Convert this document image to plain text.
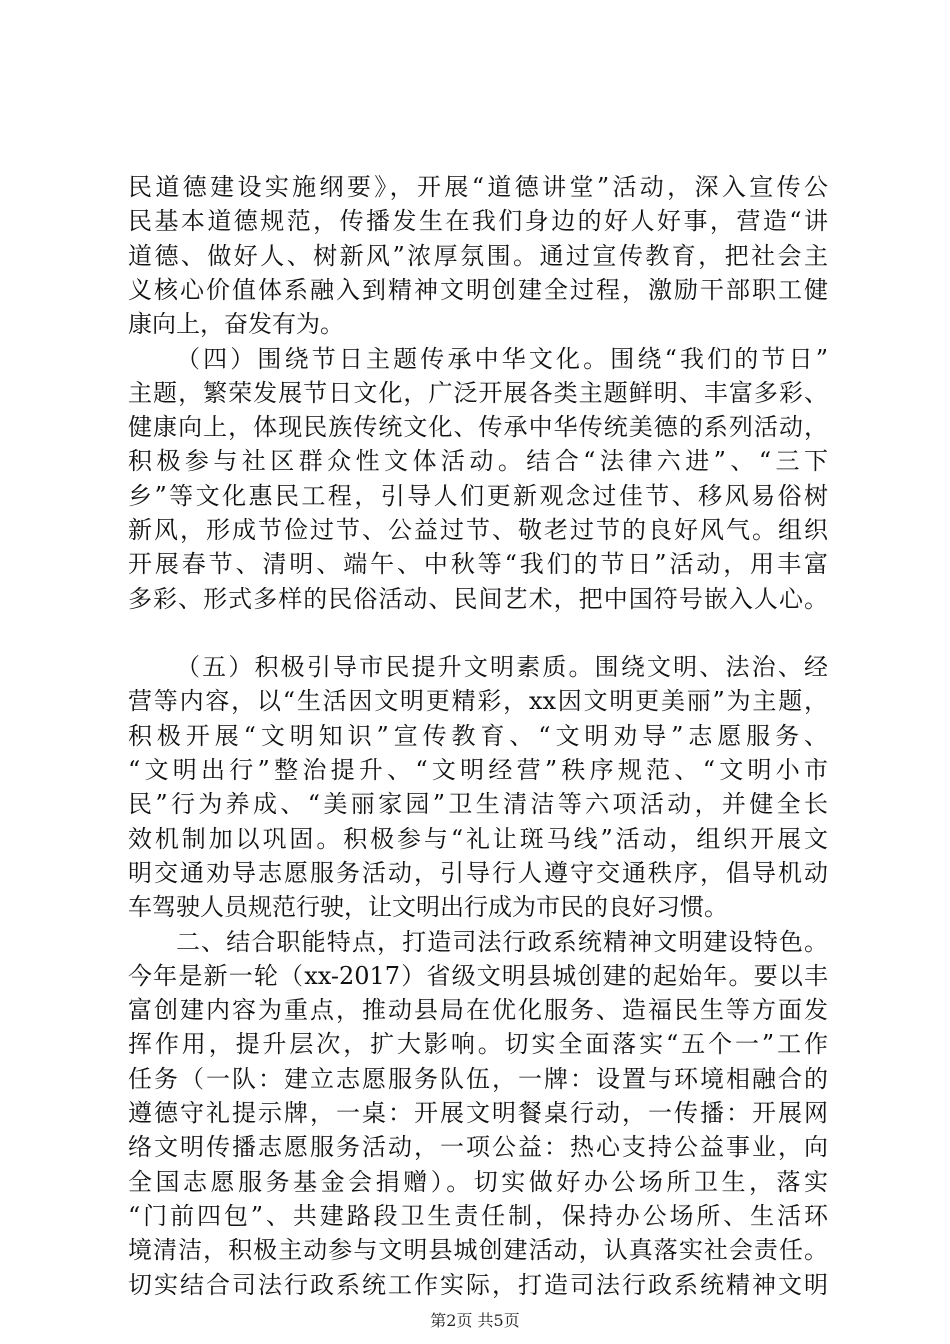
民道德建设实施纲要》，开展“道德讲堂”活动，深入宣传公
民基本道德规范，传播发生在我们身边的好人好事，营造“讲
道德、做好人、树新风”浓厚氛围。通过宣传教育，把社会主
义核心价值体系融入到精神文明创建全过程，激励干部职工健
康向上，奋发有为。
（四）围绕节日主题传承中华文化。围绕“我们的节日”
主题，繁荣发展节日文化，广泛开展各类主题鲜明、丰富多彩、
健康向上，体现民族传统文化、传承中华传统美德的系列活动，
积极参与社区群众性文体活动。结合“法律六进”、“三下
乡”等文化惠民工程，引导人们更新观念过佳节、移风易俗树
新风，形成节俭过节、公益过节、敬老过节的良好风气。组织
开展春节、清明、端午、中秋等“我们的节日”活动，用丰富
多彩、形式多样的民俗活动、民间艺术，把中国符号嵌入人心。
（五）积极引导市民提升文明素质。围绕文明、法治、经
营等内容，以“生活因文明更精彩，xx因文明更美丽”为主题，
积极开展“文明知识”宣传教育、“文明劝导”志愿服务、
“文明出行”整治提升、“文明经营”秩序规范、“文明小市
民”行为养成、“美丽家园”卫生清洁等六项活动，并健全长
效机制加以巩固。积极参与“礼让斑马线”活动，组织开展文
明交通劝导志愿服务活动，引导行人遵守交通秩序，倡导机动
车驾驶人员规范行驶，让文明出行成为市民的良好习惯。
二、结合职能特点，打造司法行政系统精神文明建设特色。
今年是新一轮（xx-2017）省级文明县城创建的起始年。要以丰
富创建内容为重点，推动县局在优化服务、造福民生等方面发
挥作用，提升层次，扩大影响。切实全面落实“五个一”工作
任务（一队：建立志愿服务队伍，一牌：设置与环境相融合的
遵德守礼提示牌，一桌：开展文明餐桌行动，一传播：开展网
络文明传播志愿服务活动，一项公益：热心支持公益事业，向
全国志愿服务基金会捐赠）。切实做好办公场所卫生，落实
“门前四包”、共建路段卫生责任制，保持办公场所、生活环
第2页 共5页
境清洁，积极主动参与文明县城创建活动，认真落实社会责任。
切实结合司法行政系统工作实际，打造司法行政系统精神文明
